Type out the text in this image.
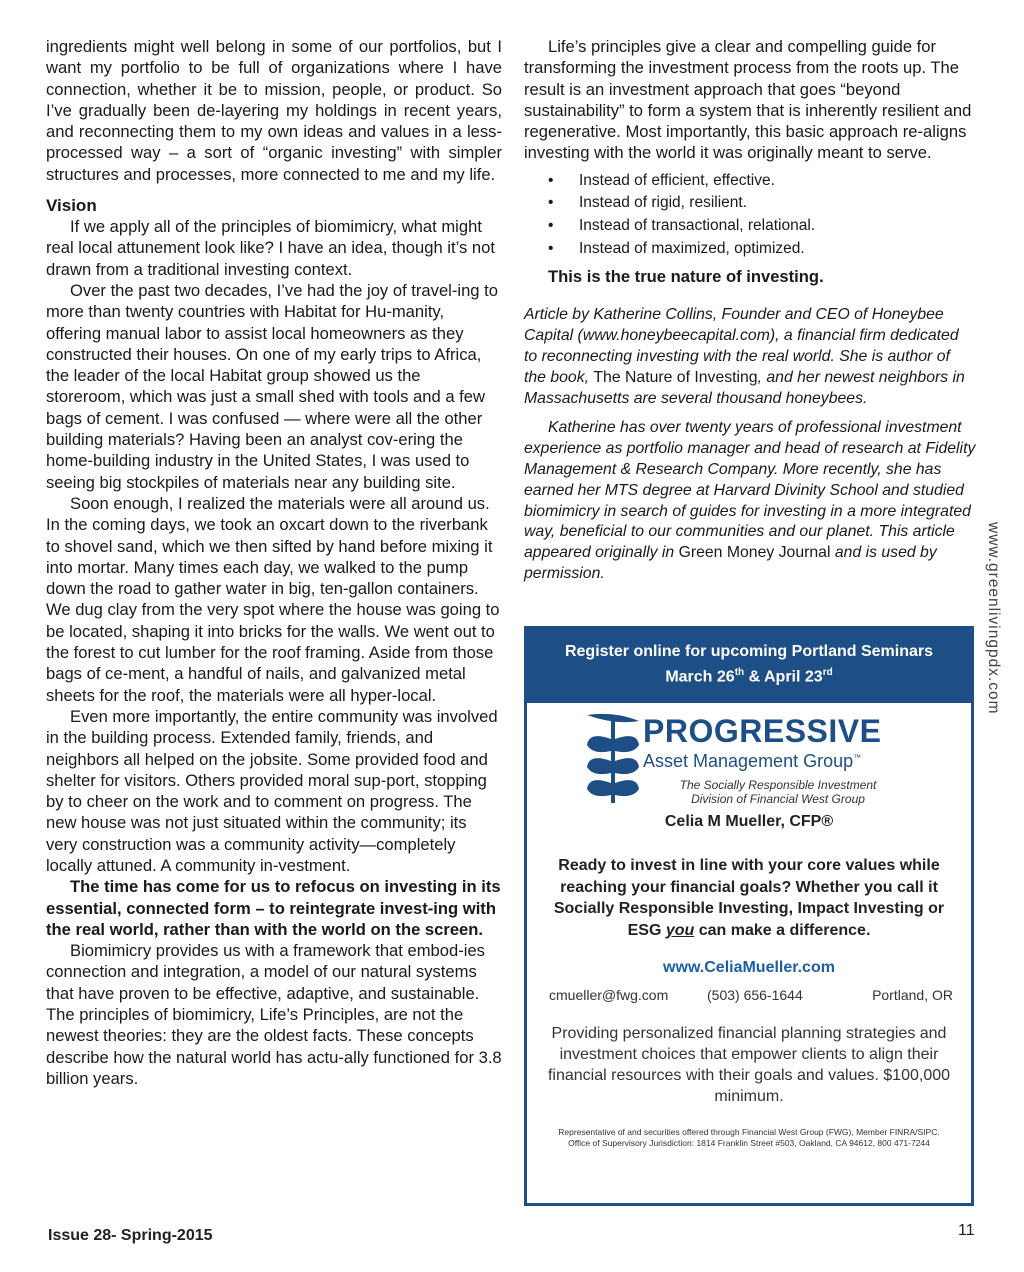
ingredients might well belong in some of our portfolios, but I want my portfolio to be full of organizations where I have connection, whether it be to mission, people, or product. So I’ve gradually been de-layering my holdings in recent years, and reconnecting them to my own ideas and values in a less-processed way – a sort of “organic investing” with simpler structures and processes, more connected to me and my life.

Vision

If we apply all of the principles of biomimicry, what might real local attunement look like? I have an idea, though it’s not drawn from a traditional investing context.

Over the past two decades, I’ve had the joy of travel-ing to more than twenty countries with Habitat for Hu-manity, offering manual labor to assist local homeowners as they constructed their houses. On one of my early trips to Africa, the leader of the local Habitat group showed us the storeroom, which was just a small shed with tools and a few bags of cement. I was confused — where were all the other building materials? Having been an analyst cov-ering the home-building industry in the United States, I was used to seeing big stockpiles of materials near any building site.

Soon enough, I realized the materials were all around us. In the coming days, we took an oxcart down to the riverbank to shovel sand, which we then sifted by hand before mixing it into mortar. Many times each day, we walked to the pump down the road to gather water in big, ten-gallon containers. We dug clay from the very spot where the house was going to be located, shaping it into bricks for the walls. We went out to the forest to cut lumber for the roof framing. Aside from those bags of ce-ment, a handful of nails, and galvanized metal sheets for the roof, the materials were all hyper-local.

Even more importantly, the entire community was involved in the building process. Extended family, friends, and neighbors all helped on the jobsite. Some provided food and shelter for visitors. Others provided moral sup-port, stopping by to cheer on the work and to comment on progress. The new house was not just situated within the community; its very construction was a community activity—completely locally attuned. A community in-vestment.

The time has come for us to refocus on investing in its essential, connected form – to reintegrate invest-ing with the real world, rather than with the world on the screen.

Biomimicry provides us with a framework that embod-ies connection and integration, a model of our natural systems that have proven to be effective, adaptive, and sustainable. The principles of biomimicry, Life’s Principles, are not the newest theories: they are the oldest facts. These concepts describe how the natural world has actu-ally functioned for 3.8 billion years.

Life’s principles give a clear and compelling guide for transforming the investment process from the roots up. The result is an investment approach that goes “beyond sustainability” to form a system that is inherently resilient and regenerative. Most importantly, this basic approach re-aligns investing with the world it was originally meant to serve.

• Instead of efficient, effective.
• Instead of rigid, resilient.
• Instead of transactional, relational.
• Instead of maximized, optimized.

This is the true nature of investing.

Article by Katherine Collins, Founder and CEO of Honeybee Capital (www.honeybeecapital.com), a financial firm dedicated to reconnecting investing with the real world. She is author of the book, The Nature of Investing, and her newest neighbors in Massachusetts are several thousand honeybees.

Katherine has over twenty years of professional investment experience as portfolio manager and head of research at Fidelity Management & Research Company. More recently, she has earned her MTS degree at Harvard Divinity School and studied biomimicry in search of guides for investing in a more integrated way, beneficial to our communities and our planet. This article appeared originally in Green Money Journal and is used by permission.

Register online for upcoming Portland Seminars
March 26th & April 23rd
PROGRESSIVE
Asset Management Group™
The Socially Responsible Investment
Division of Financial West Group
Celia M Mueller, CFP®
Ready to invest in line with your core values while reaching your financial goals? Whether you call it Socially Responsible Investing, Impact Investing or ESG you can make a difference.
www.CeliaMueller.com
cmueller@fwg.com	(503) 656-1644	Portland, OR
Providing personalized financial planning strategies and investment choices that empower clients to align their financial resources with their goals and values. $100,000 minimum.
Representative of and securities offered through Financial West Group (FWG), Member FINRA/SIPC. Office of Supervisory Jurisdiction: 1814 Franklin Street #503, Oakland, CA 94612, 800 471-7244
www.greenlivingpdx.com
Issue 28- Spring-2015	11
